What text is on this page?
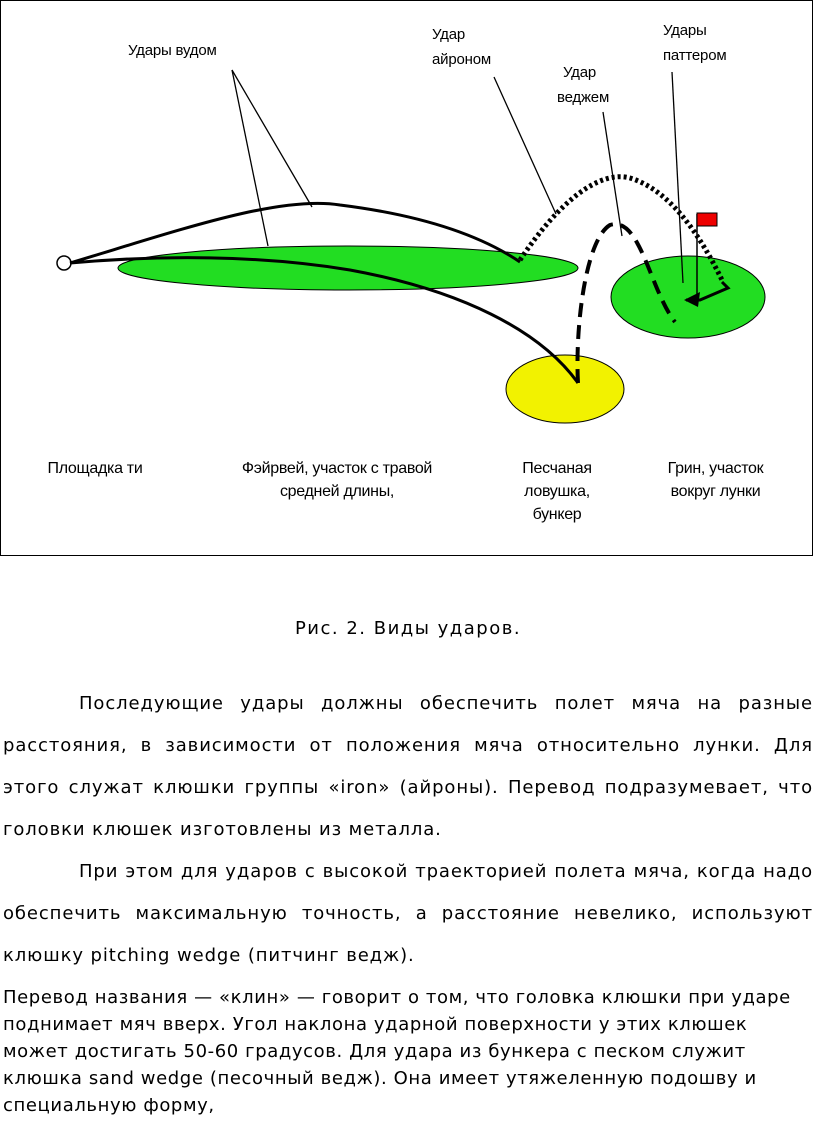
Удары вудом
Удар
айроном
Удар
веджем
Удары
паттером
Площадка ти	Фэйрвей, участок с травой
средней длины,
Песчаная
ловушка,
бункер
Грин, участок
вокруг лунки
Рис. 2. Виды ударов.
Последующие удары должны обеспечить полет мяча на разные расстояния, в зависимости от положения мяча относительно лунки. Для этого служат клюшки группы «iron» (айроны). Перевод подразумевает, что головки клюшек изготовлены из металла.
При этом для ударов с высокой траекторией полета мяча, когда надо обеспечить максимальную точность, а расстояние невелико, используют клюшку pitching wedge (питчинг ведж).
Перевод названия — «клин» — говорит о том, что головка клюшки при ударе поднимает мяч вверх. Угол наклона ударной поверхности у этих клюшек может достигать 50-60 градусов. Для удара из бункера с песком служит клюшка sand wedge (песочный ведж). Она имеет утяжеленную подошву и специальную форму,
